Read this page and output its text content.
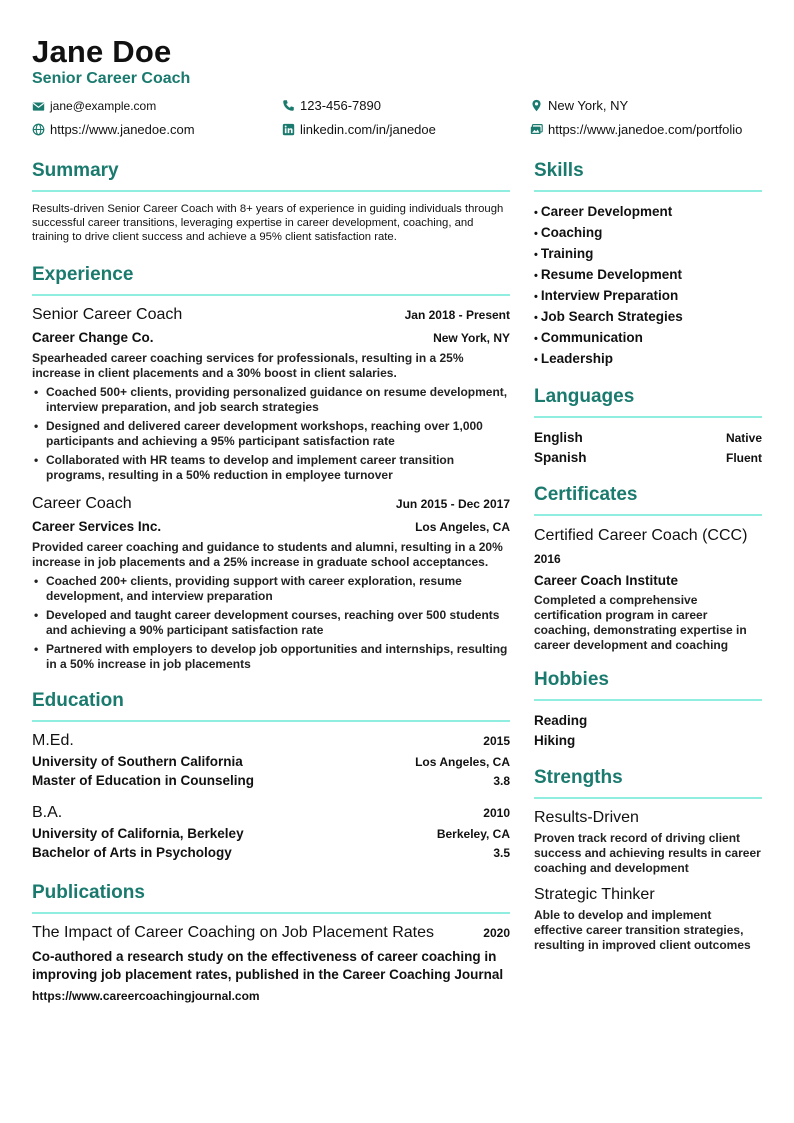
Jane Doe
Senior Career Coach
jane@example.com	123-456-7890	New York, NY
https://www.janedoe.com	linkedin.com/in/janedoe	https://www.janedoe.com/portfolio
Summary
Results-driven Senior Career Coach with 8+ years of experience in guiding individuals through successful career transitions, leveraging expertise in career development, coaching, and training to drive client success and achieve a 95% client satisfaction rate.
Experience
Senior Career Coach	Jan 2018 - Present
Career Change Co.	New York, NY
Spearheaded career coaching services for professionals, resulting in a 25% increase in client placements and a 30% boost in client salaries.
• Coached 500+ clients, providing personalized guidance on resume development, interview preparation, and job search strategies
• Designed and delivered career development workshops, reaching over 1,000 participants and achieving a 95% participant satisfaction rate
• Collaborated with HR teams to develop and implement career transition programs, resulting in a 50% reduction in employee turnover
Career Coach	Jun 2015 - Dec 2017
Career Services Inc.	Los Angeles, CA
Provided career coaching and guidance to students and alumni, resulting in a 20% increase in job placements and a 25% increase in graduate school acceptances.
• Coached 200+ clients, providing support with career exploration, resume development, and interview preparation
• Developed and taught career development courses, reaching over 500 students and achieving a 90% participant satisfaction rate
• Partnered with employers to develop job opportunities and internships, resulting in a 50% increase in job placements
Education
M.Ed.	2015
University of Southern California	Los Angeles, CA
Master of Education in Counseling	3.8
B.A.	2010
University of California, Berkeley	Berkeley, CA
Bachelor of Arts in Psychology	3.5
Publications
The Impact of Career Coaching on Job Placement Rates	2020
Co-authored a research study on the effectiveness of career coaching in improving job placement rates, published in the Career Coaching Journal
https://www.careercoachingjournal.com
Skills
• Career Development
• Coaching
• Training
• Resume Development
• Interview Preparation
• Job Search Strategies
• Communication
• Leadership
Languages
English	Native
Spanish	Fluent
Certificates
Certified Career Coach (CCC)
2016
Career Coach Institute
Completed a comprehensive certification program in career coaching, demonstrating expertise in career development and coaching
Hobbies
Reading
Hiking
Strengths
Results-Driven
Proven track record of driving client success and achieving results in career coaching and development
Strategic Thinker
Able to develop and implement effective career transition strategies, resulting in improved client outcomes
